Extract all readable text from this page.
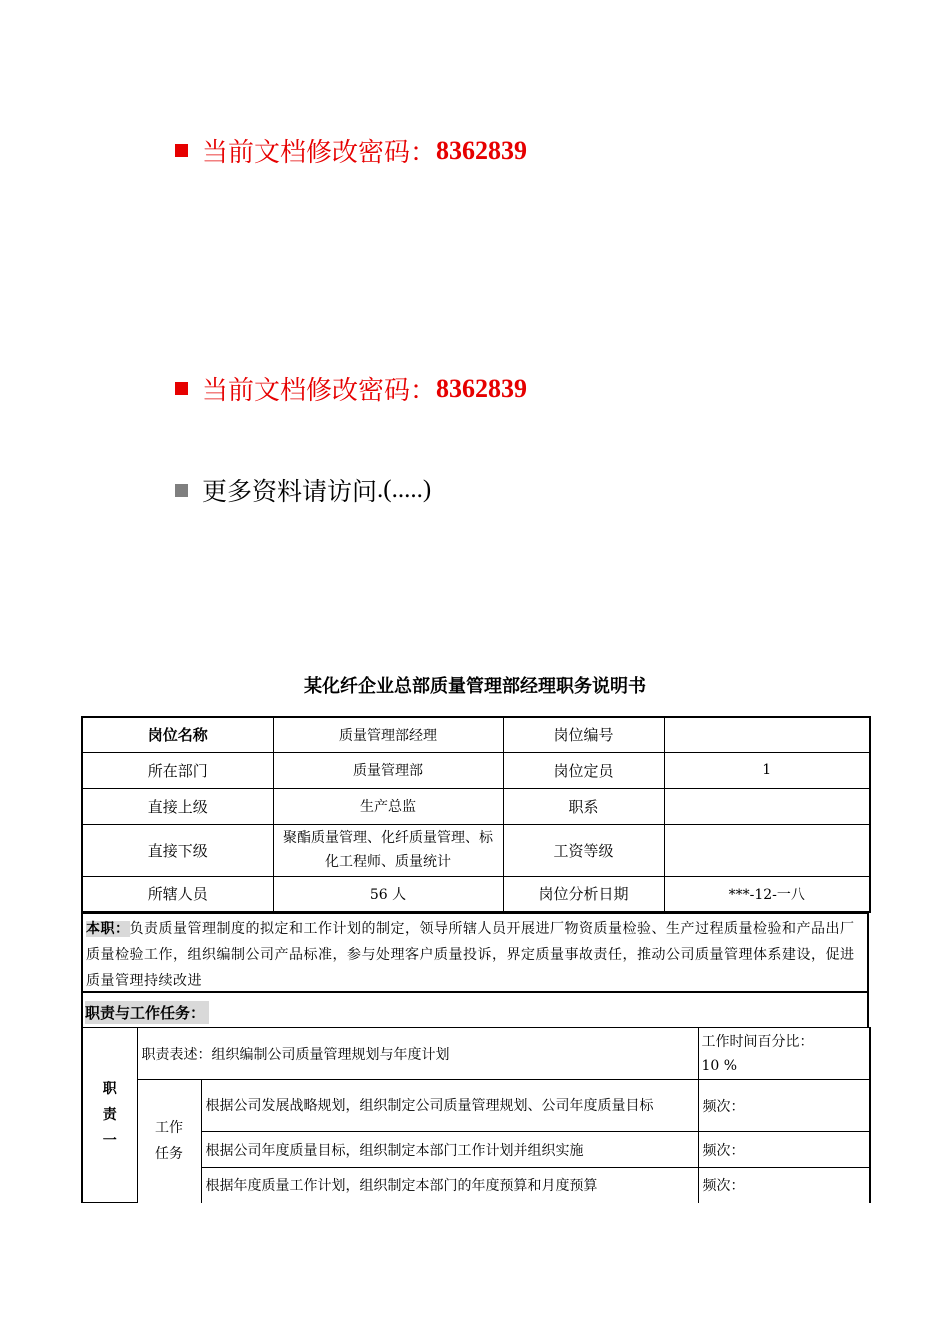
当前文档修改密码： 8362839
当前文档修改密码： 8362839
更多资料请访问 .(.....)
某化纤企业总部质量管理部经理职务说明书
岗位名称	质量管理部经理	岗位编号	
所在部门	质量管理部	岗位定员	1
直接上级	生产总监	职系	
直接下级	聚酯质量管理、化纤质量管理、标化工程师、质量统计	工资等级	
所辖人员	56 人	岗位分析日期	***-12-一八
本职：负责质量管理制度的拟定和工作计划的制定，领导所辖人员开展进厂物资质量检验、生产过程质量检验和产品出厂质量检验工作，组织编制公司产品标准，参与处理客户质量投诉，界定质量事故责任，推动公司质量管理体系建设，促进质量管理持续改进
职责与工作任务：
职责一	职责表述：组织编制公司质量管理规划与年度计划		工作时间百分比：
10 %

	工作任务	根据公司发展战略规划，组织制定公司质量管理规划、公司年度质量目标	频次：
		根据公司年度质量目标，组织制定本部门工作计划并组织实施	频次：
		根据年度质量工作计划，组织制定本部门的年度预算和月度预算	频次：
